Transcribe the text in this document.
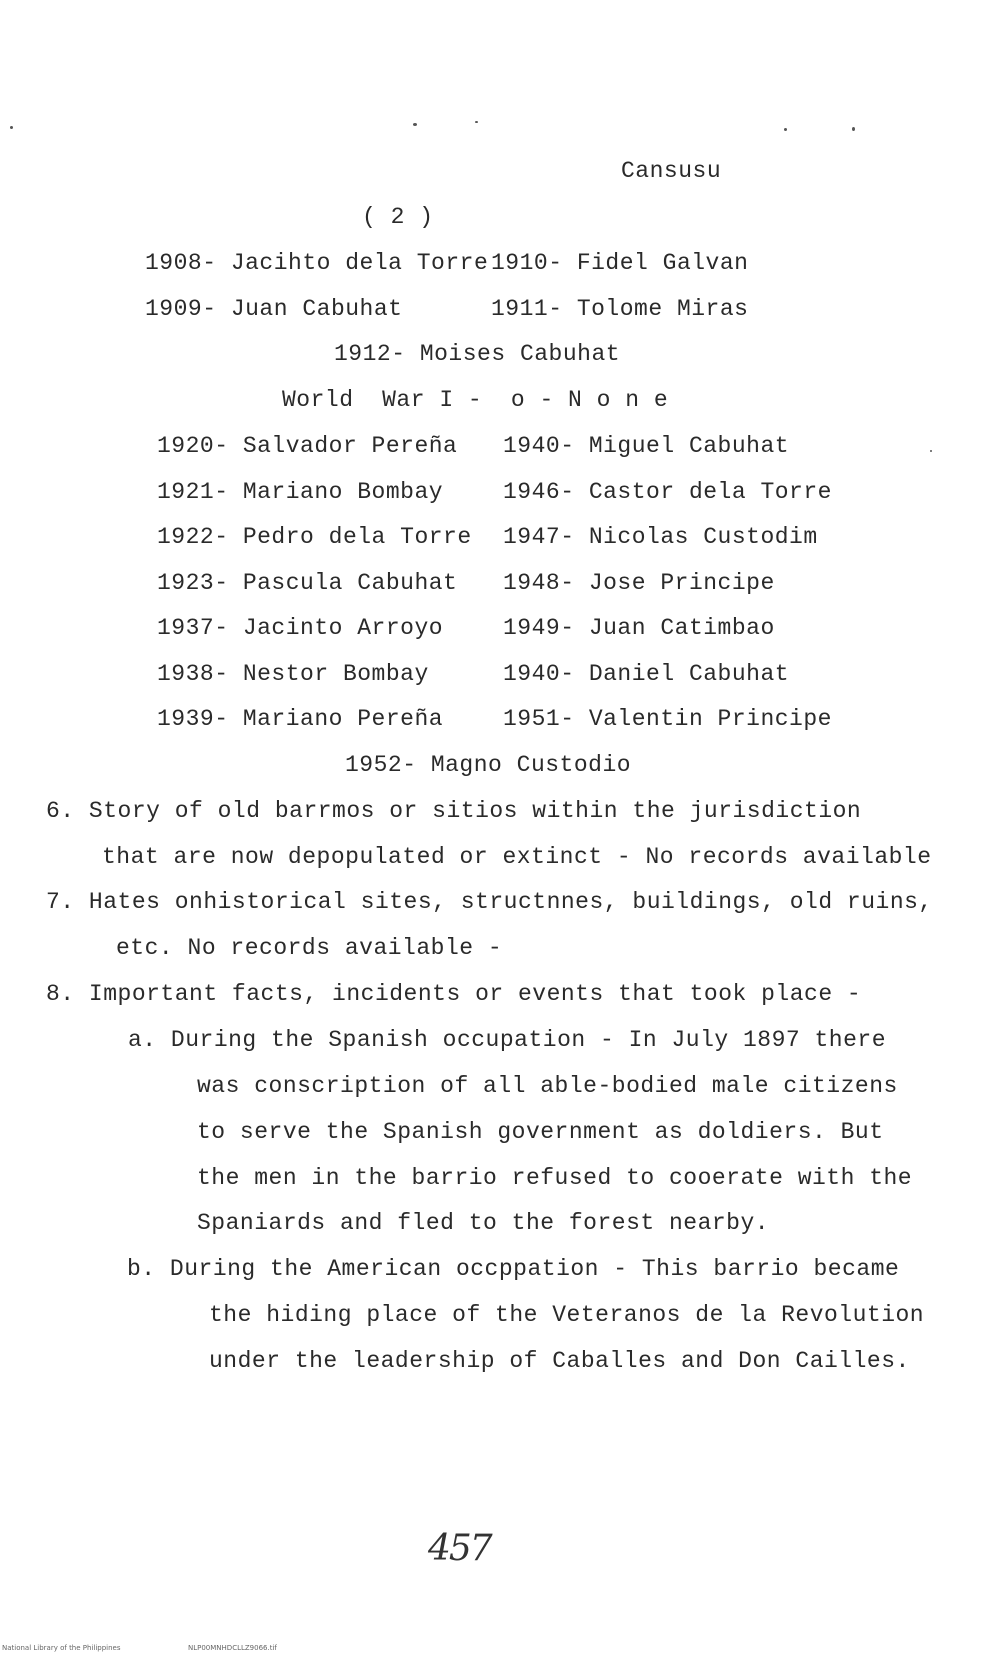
Cansusu
( 2 )
1908- Jacihto dela Torre
1909- Juan Cabuhat
1910- Fidel Galvan
1911- Tolome Miras
1912- Moises Cabuhat
World  War I -  o - N o n e
1920- Salvador Pereña
1921- Mariano Bombay
1922- Pedro dela Torre
1923- Pascula Cabuhat
1937- Jacinto Arroyo
1938- Nestor Bombay
1939- Mariano Pereña
1940- Miguel Cabuhat
1946- Castor dela Torre
1947- Nicolas Custodim
1948- Jose Principe
1949- Juan Catimbao
1940- Daniel Cabuhat
1951- Valentin Principe
1952- Magno Custodio
6. Story of old barrmos or sitios within the jurisdiction
that are now depopulated or extinct - No records available
7. Hates onhistorical sites, structnnes, buildings, old ruins,
etc. No records available -
8. Important facts, incidents or events that took place -
a. During the Spanish occupation - In July 1897 there
was conscription of all able-bodied male citizens
to serve the Spanish government as doldiers. But
the men in the barrio refused to cooerate with the
Spaniards and fled to the forest nearby.
b. During the American occppation - This barrio became
the hiding place of the Veteranos de la Revolution
under the leadership of Caballes and Don Cailles.
457
National Library of the Philippines	NLP00MNHDCLLZ9066.tif
